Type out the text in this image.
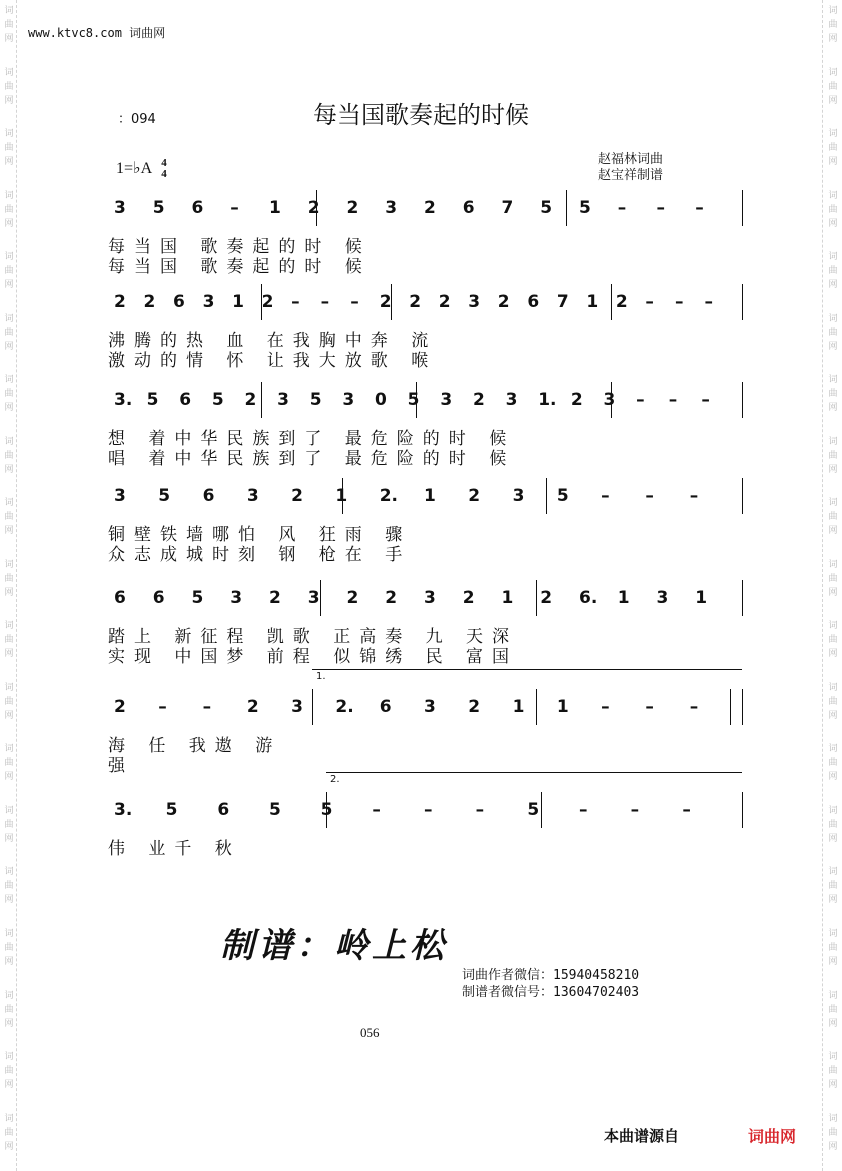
词
曲
网
词
曲
网
词
曲
网
词
曲
网
词
曲
网
词
曲
网
词
曲
网
词
曲
网
词
曲
网
词
曲
网
词
曲
网
词
曲
网
词
曲
网
词
曲
网
词
曲
网
词
曲
网
词
曲
网
词
曲
网
词
曲
网
词
曲
网
词
曲
网
词
曲
网
词
曲
网
词
曲
网
词
曲
网
词
曲
网
词
曲
网
词
曲
网
词
曲
网
词
曲
网
词
曲
网
词
曲
网
词
曲
网
词
曲
网
词
曲
网
词
曲
网
词
曲
网
词
曲
网
www.ktvc8.com 词曲网
：094	每当国歌奏起的时候
1=♭A 4
4
赵福林词曲
赵宝祥制谱
3 5 6 – 1 2 2 3 2 6 7 5 5 – – –
每当国 歌奏起的时 候
每当国 歌奏起的时 候
2 2 6 3 1 2 – – – 2 2 2 3 2 6 7 1 2 – – –
沸腾的热 血 在我胸中奔 流
激动的情 怀 让我大放歌 喉
3. 5 6 5 2 3 5 3 0 5 3 2 3 1. 2 3 – – –
想 着中华民族到了 最危险的时 候
唱 着中华民族到了 最危险的时 候
3 5 6 3 2 1 2. 1 2 3 5 – – –
铜壁铁墙哪怕 风 狂雨 骤
众志成城时刻 钢 枪在 手
6 6 5 3 2 3 2 2 3 2 1 2 6. 1 3 1
踏上 新征程 凯歌 正高奏 九 天深
实现 中国梦 前程 似锦绣 民 富国
2 – – 2 3 2. 6 3 2 1 1 – – –
1.
海 任 我遨 游
强
3. 5 6 5 5 –	–	–	5 –	–	–
2.
伟 业千 秋
制谱：岭上松
词曲作者微信：15940458210
制谱者微信号：13604702403
056
本曲谱源自	词曲网
